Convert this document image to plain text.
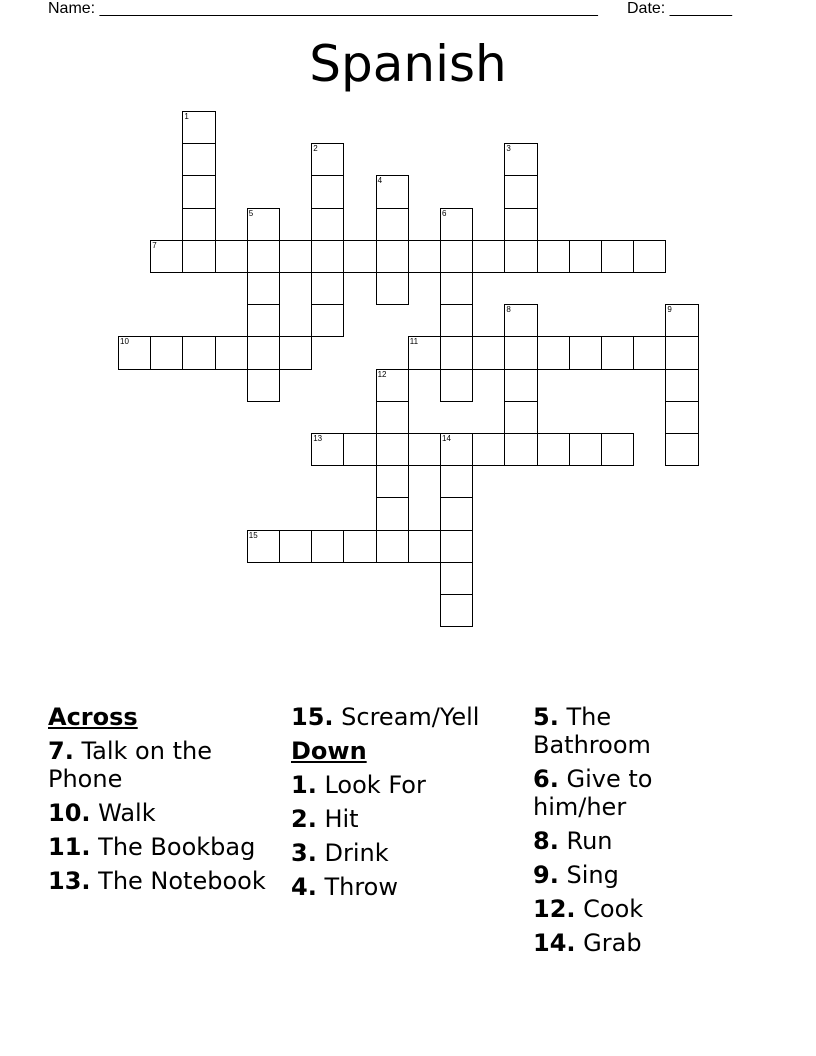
Name: ________________________________________________________ Date: _______
Spanish
1
2	3
4
5	6
7
8	9
10	11
12
13	14
15
Across
7. Talk on the Phone
10. Walk
11. The Bookbag
13. The Notebook
15. Scream/Yell
Down
1. Look For
2. Hit
3. Drink
4. Throw
5. The Bathroom
6. Give to him/her
8. Run
9. Sing
12. Cook
14. Grab
